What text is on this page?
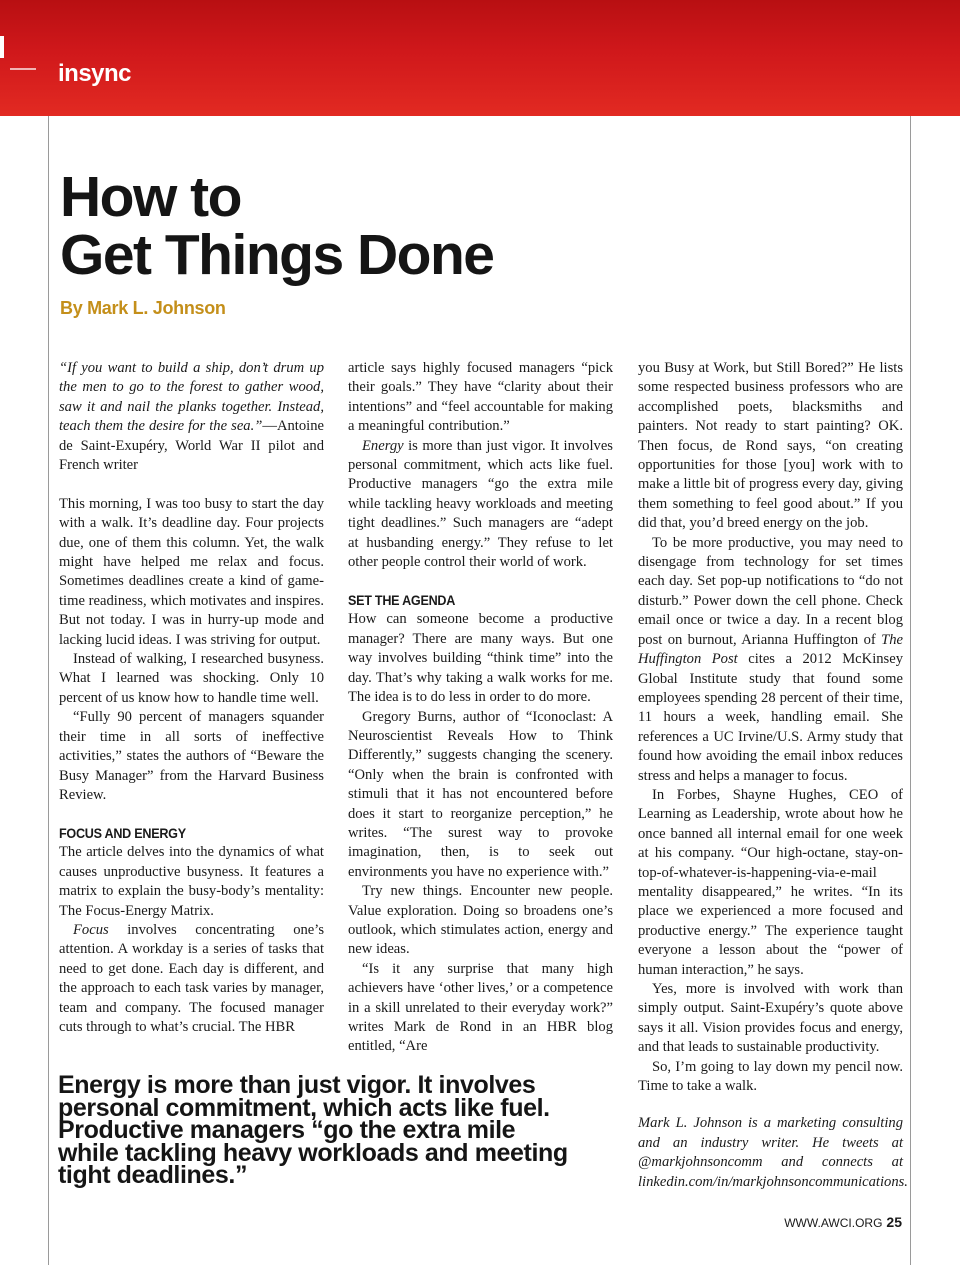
insync
How to
Get Things Done
By Mark L. Johnson

“If you want to build a ship, don’t drum up the men to go to the forest to gather wood, saw it and nail the planks together. Instead, teach them the desire for the sea.”—Antoine de Saint-Exupéry, World War II pilot and French writer

This morning, I was too busy to start the day with a walk. It’s deadline day. Four projects due, one of them this column. Yet, the walk might have helped me relax and focus. Sometimes deadlines create a kind of game-time readiness, which motivates and inspires. But not today. I was in hurry-up mode and lacking lucid ideas. I was striving for output.

Instead of walking, I researched busyness. What I learned was shocking. Only 10 percent of us know how to handle time well.

“Fully 90 percent of managers squander their time in all sorts of ineffective activities,” states the authors of “Beware the Busy Manager” from the Harvard Business Review.

FOCUS AND ENERGY

The article delves into the dynamics of what causes unproductive busyness. It features a matrix to explain the busy-body’s mentality: The Focus-Energy Matrix.

Focus involves concentrating one’s attention. A workday is a series of tasks that need to get done. Each day is different, and the approach to each task varies by manager, team and company. The focused manager cuts through to what’s crucial. The HBR

article says highly focused managers “pick their goals.” They have “clarity about their intentions” and “feel accountable for making a meaningful contribution.”

Energy is more than just vigor. It involves personal commitment, which acts like fuel. Productive managers “go the extra mile while tackling heavy workloads and meeting tight deadlines.” Such managers are “adept at husbanding energy.” They refuse to let other people control their world of work.

SET THE AGENDA

How can someone become a productive manager? There are many ways. But one way involves building “think time” into the day. That’s why taking a walk works for me. The idea is to do less in order to do more.

Gregory Burns, author of “Iconoclast: A Neuroscientist Reveals How to Think Differently,” suggests changing the scenery. “Only when the brain is confronted with stimuli that it has not encountered before does it start to reorganize perception,” he writes. “The surest way to provoke imagination, then, is to seek out environments you have no experience with.”

Try new things. Encounter new people. Value exploration. Doing so broadens one’s outlook, which stimulates action, energy and new ideas.

“Is it any surprise that many high achievers have ‘other lives,’ or a competence in a skill unrelated to their everyday work?” writes Mark de Rond in an HBR blog entitled, “Are

you Busy at Work, but Still Bored?” He lists some respected business professors who are accomplished poets, blacksmiths and painters. Not ready to start painting? OK. Then focus, de Rond says, “on creating opportunities for those [you] work with to make a little bit of progress every day, giving them something to feel good about.” If you did that, you’d breed energy on the job.

To be more productive, you may need to disengage from technology for set times each day. Set pop-up notifications to “do not disturb.” Power down the cell phone. Check email once or twice a day. In a recent blog post on burnout, Arianna Huffington of The Huffington Post cites a 2012 McKinsey Global Institute study that found some employees spending 28 percent of their time, 11 hours a week, handling email. She references a UC Irvine/U.S. Army study that found how avoiding the email inbox reduces stress and helps a manager to focus.

In Forbes, Shayne Hughes, CEO of Learning as Leadership, wrote about how he once banned all internal email for one week at his company. “Our high-octane, stay-on-top-of-whatever-is-happening-via-e-mail mentality disappeared,” he writes. “In its place we experienced a more focused and productive energy.” The experience taught everyone a lesson about the “power of human interaction,” he says.

Yes, more is involved with work than simply output. Saint-Exupéry’s quote above says it all. Vision provides focus and energy, and that leads to sustainable productivity.

So, I’m going to lay down my pencil now. Time to take a walk.

Mark L. Johnson is a marketing consulting and an industry writer. He tweets at @markjohnsoncomm and connects at linkedin.com/in/markjohnsoncommunications.

Energy is more than just vigor. It involves personal commitment, which acts like fuel. Productive managers “go the extra mile while tackling heavy workloads and meeting tight deadlines.”

WWW.AWCI.ORG 25
